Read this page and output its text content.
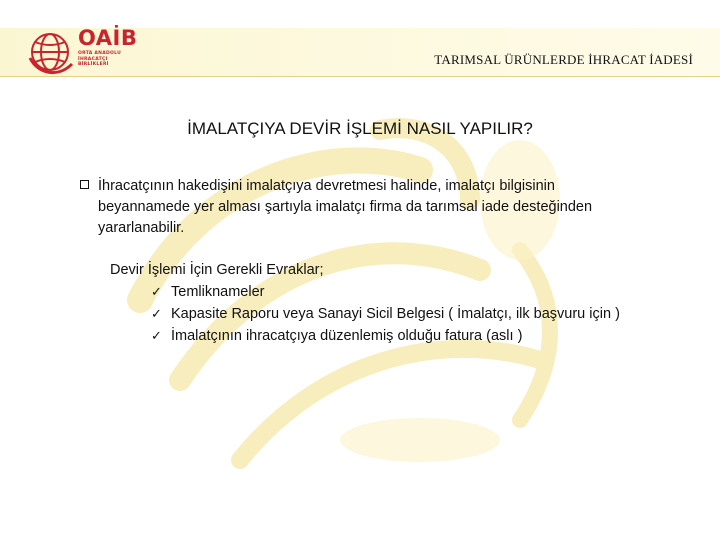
OAİB
ORTA ANADOLU İHRACATÇI BİRLİKLERİ	TARIMSAL ÜRÜNLERDE İHRACAT İADESİ
İMALATÇIYA DEVİR İŞLEMİ NASIL YAPILIR?
İhracatçının hakedişini imalatçıya devretmesi halinde, imalatçı bilgisinin
beyannamede yer alması şartıyla imalatçı firma da tarımsal iade desteğinden
yararlanabilir.
Devir İşlemi İçin Gerekli Evraklar;
✓ Temliknameler
✓ Kapasite Raporu veya Sanayi Sicil Belgesi ( İmalatçı, ilk başvuru için )
✓ İmalatçının ihracatçıya düzenlemiş olduğu fatura (aslı )
